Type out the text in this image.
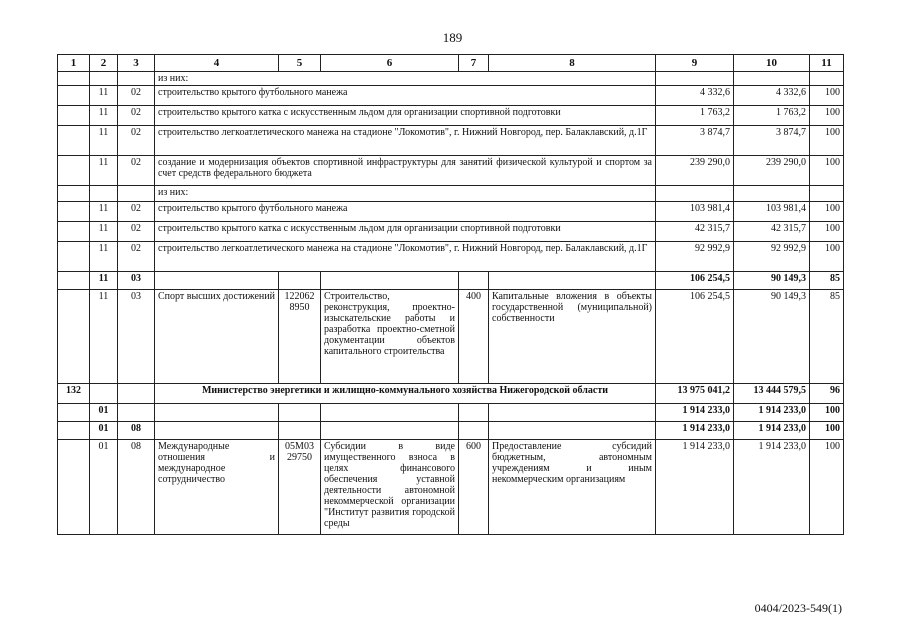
189
1	2	3	4	5	6	7	8	9	10	11
			из них:							
	11	02	строительство крытого футбольного манежа					4 332,6	4 332,6	100
	11	02	строительство крытого катка с искусственным льдом для организации спортивной подготовки					1 763,2	1 763,2	100
	11	02	строительство легкоатлетического манежа на стадионе "Локомотив", г. Нижний Новгород, пер. Балаклавский, д.1Г					3 874,7	3 874,7	100
	11	02	создание и модернизация объектов спортивной инфраструктуры для занятий физической культурой и спортом за счет средств федерального бюджета					239 290,0	239 290,0	100
			из них:							
	11	02	строительство крытого футбольного манежа					103 981,4	103 981,4	100
	11	02	строительство крытого катка с искусственным льдом для организации спортивной подготовки					42 315,7	42 315,7	100
	11	02	строительство легкоатлетического манежа на стадионе "Локомотив", г. Нижний Новгород, пер. Балаклавский, д.1Г					92 992,9	92 992,9	100
	11	03						106 254,5	90 149,3	85
	11	03	Спорт высших достижений	122062 8950	Строительство, реконструкция, проектно-изыскательские работы и разработка проектно-сметной документации объектов капитального строительства	400	Капитальные вложения в объекты государственной (муниципальной) собственности	106 254,5	90 149,3	85
132			Министерство энергетики и жилищно-коммунального хозяйства Нижегородской области					13 975 041,2	13 444 579,5	96
	01							1 914 233,0	1 914 233,0	100
	01	08						1 914 233,0	1 914 233,0	100
	01	08	Международные отношения и международное сотрудничество	05М03 29750	Субсидии в виде имущественного взноса в целях финансового обеспечения уставной деятельности автономной некоммерческой организации "Институт развития городской среды	600	Предоставление субсидий бюджетным, автономным учреждениям и иным некоммерческим организациям	1 914 233,0	1 914 233,0	100
0404/2023-549(1)
